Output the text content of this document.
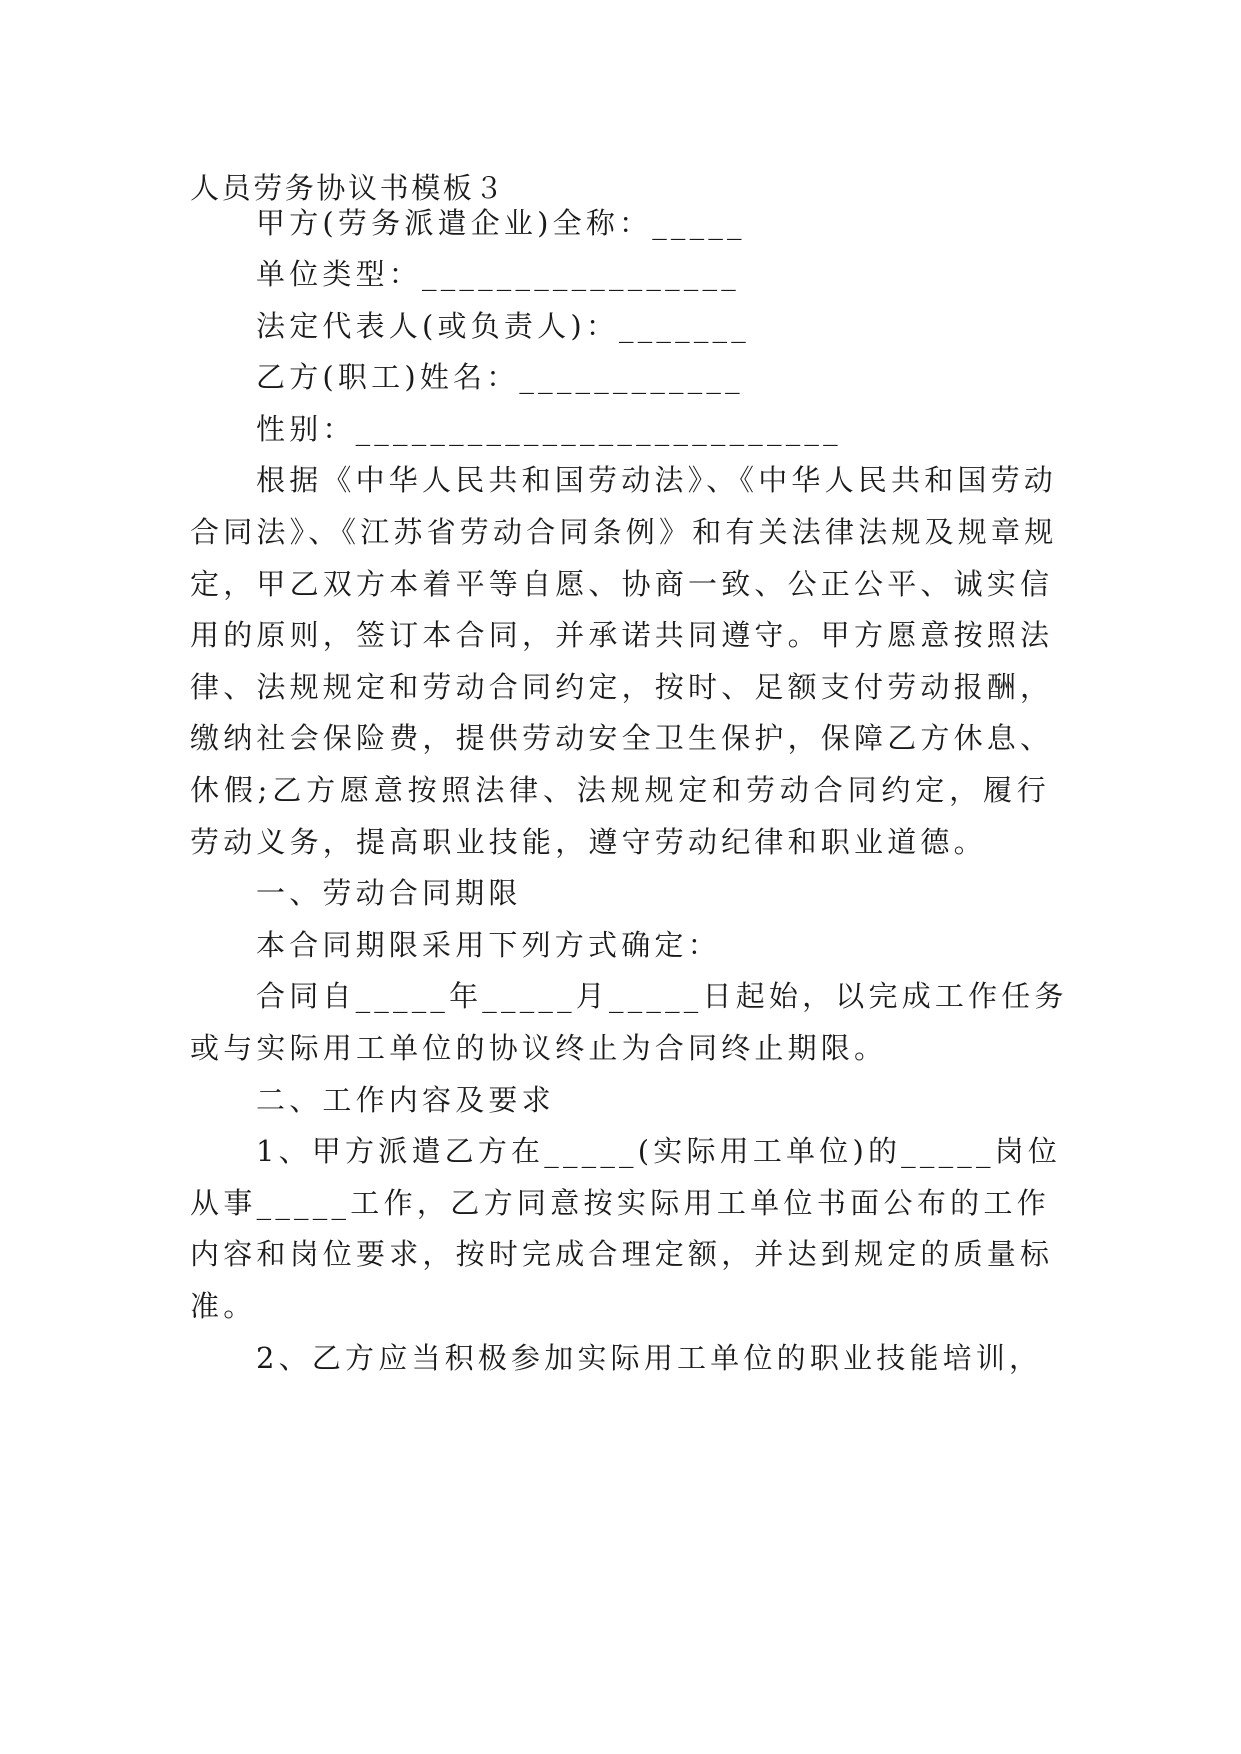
人员劳务协议书模板３
甲方(劳务派遣企业)全称：_____
单位类型：_________________
法定代表人(或负责人)：_______
乙方(职工)姓名：____________
性别：__________________________
根据《中华人民共和国劳动法》、《中华人民共和国劳动
合同法》、《江苏省劳动合同条例》和有关法律法规及规章规
定，甲乙双方本着平等自愿、协商一致、公正公平、诚实信
用的原则，签订本合同，并承诺共同遵守。甲方愿意按照法
律、法规规定和劳动合同约定，按时、足额支付劳动报酬，
缴纳社会保险费，提供劳动安全卫生保护，保障乙方休息、
休假;乙方愿意按照法律、法规规定和劳动合同约定，履行
劳动义务，提高职业技能，遵守劳动纪律和职业道德。
一、劳动合同期限
本合同期限采用下列方式确定：
合同自_____年_____月_____日起始，以完成工作任务
或与实际用工单位的协议终止为合同终止期限。
二、工作内容及要求
1、甲方派遣乙方在_____(实际用工单位)的_____岗位
从事_____工作，乙方同意按实际用工单位书面公布的工作
内容和岗位要求，按时完成合理定额，并达到规定的质量标
准。
2、乙方应当积极参加实际用工单位的职业技能培训，
